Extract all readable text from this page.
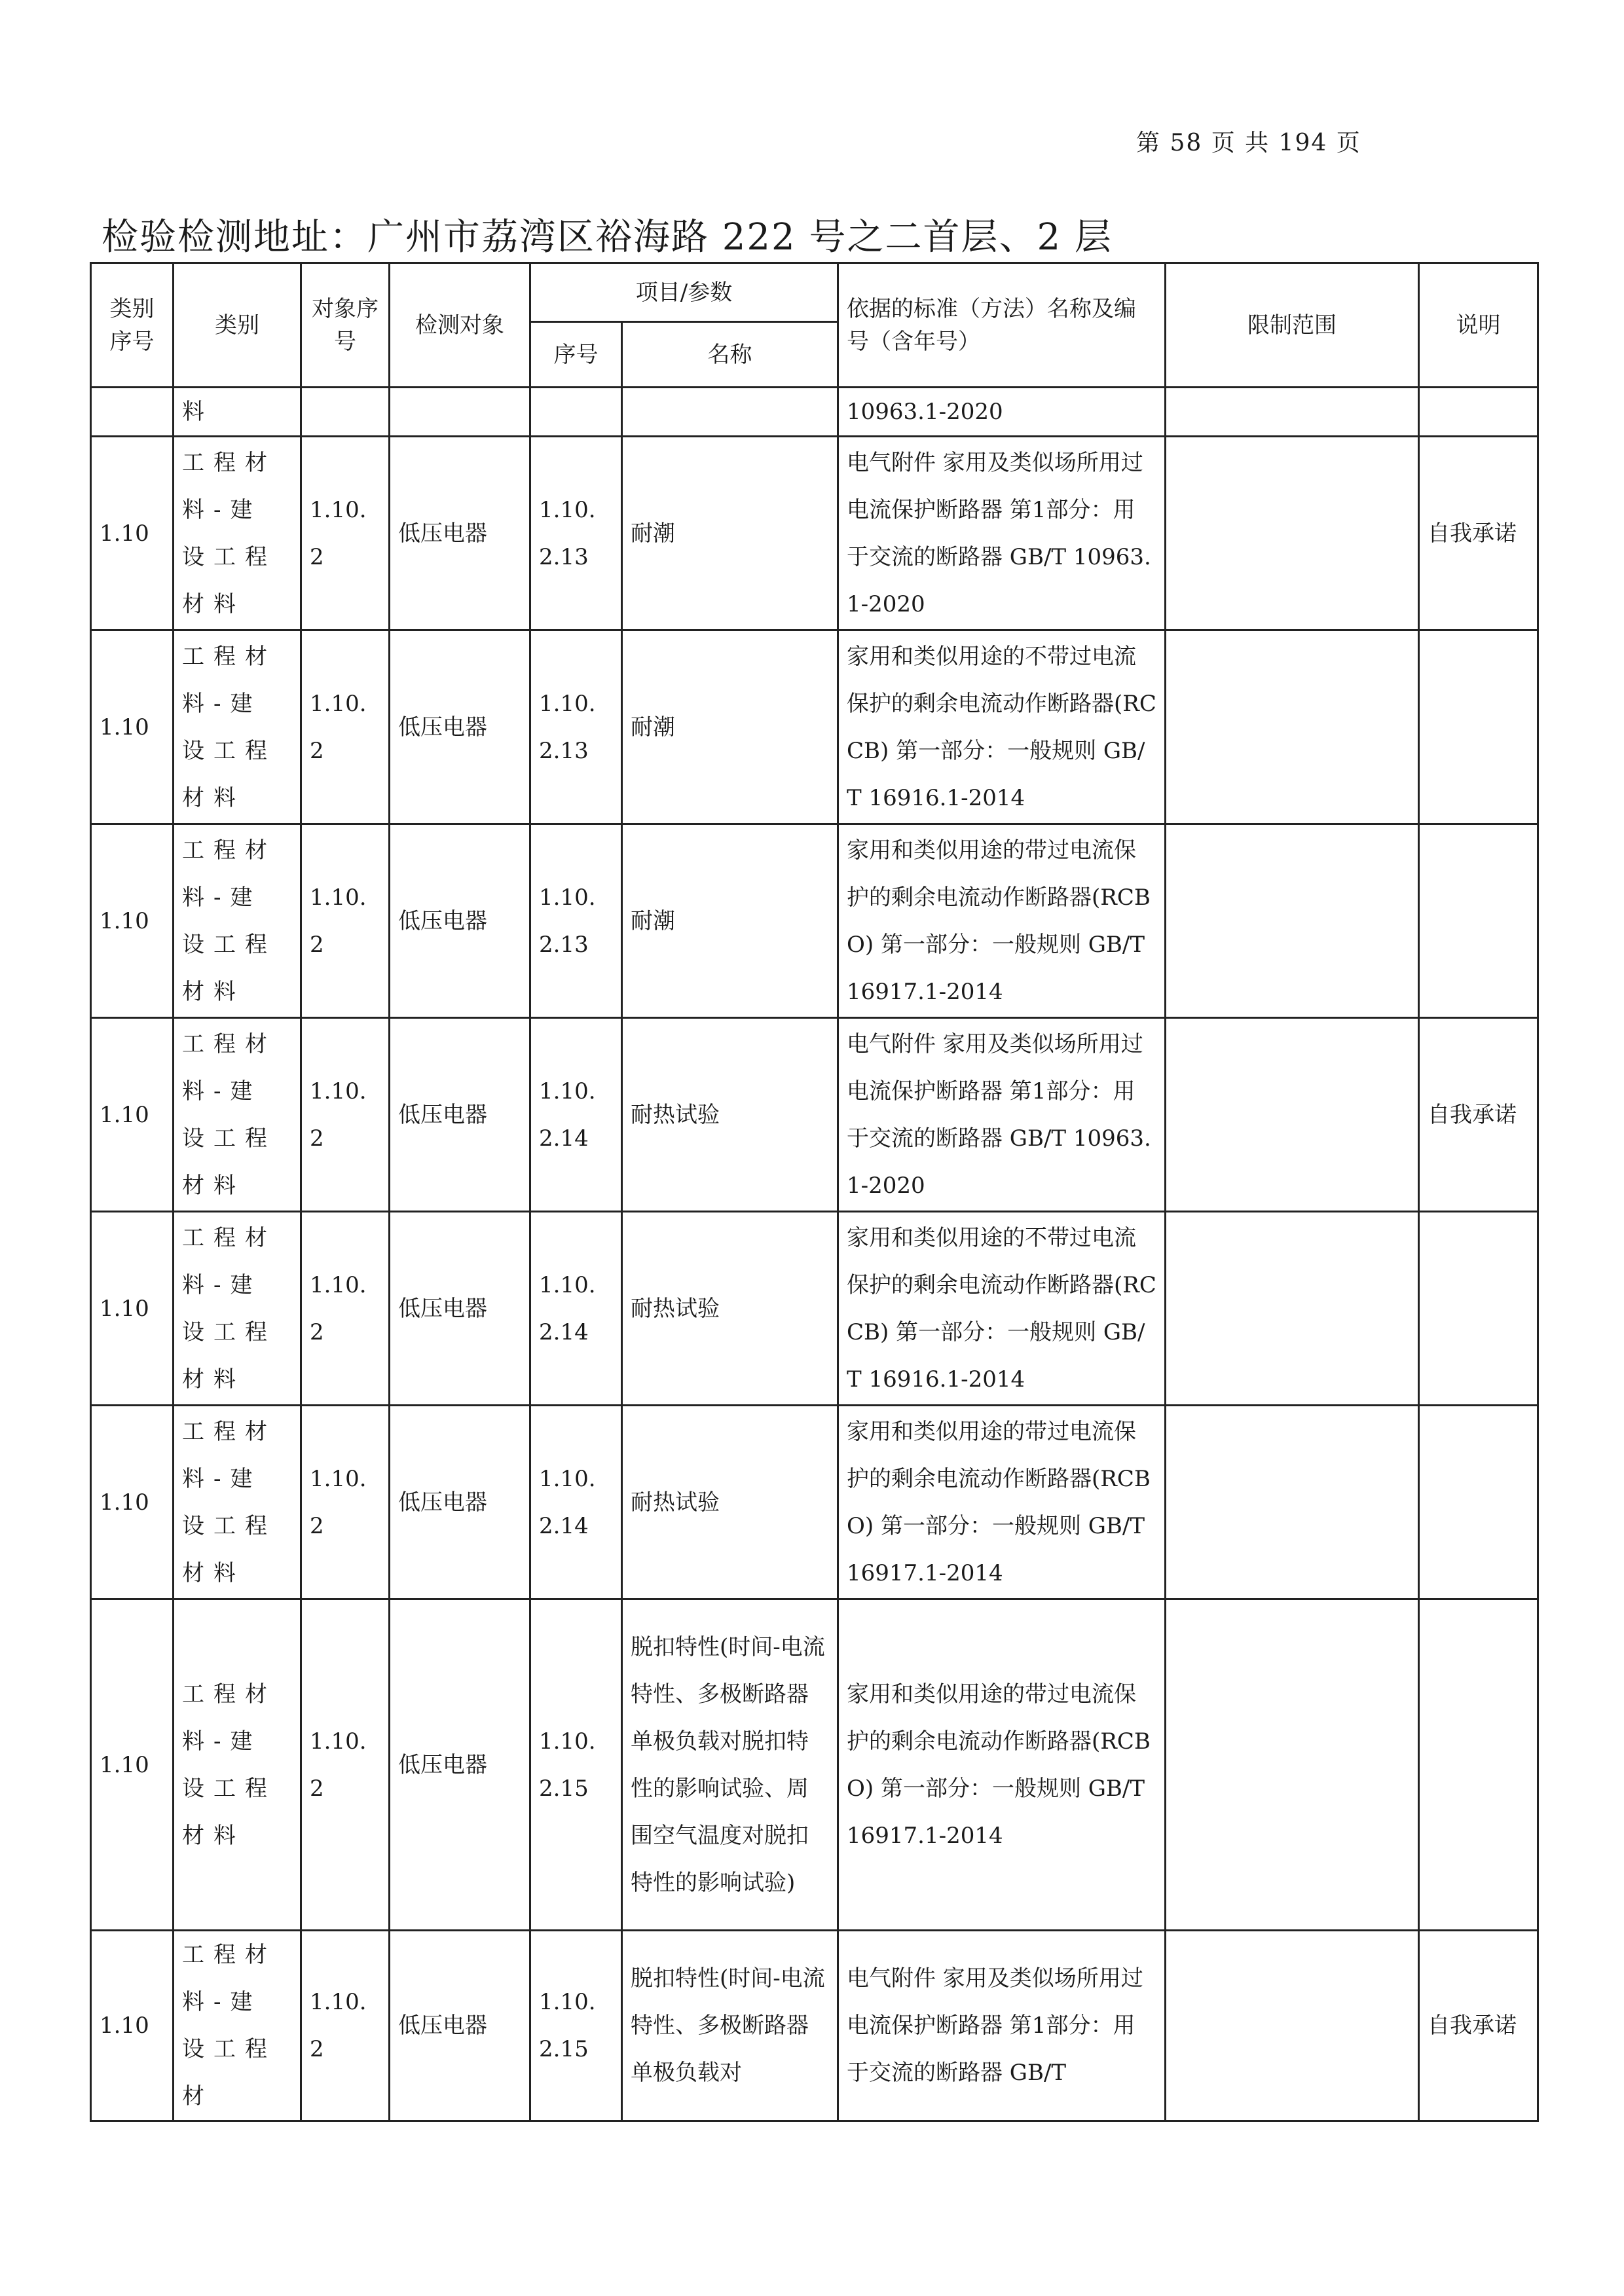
第 58 页 共 194 页
检验检测地址：广州市荔湾区裕海路 222 号之二首层、2 层
类别序号	类别	对象序号	检测对象	项目/参数		依据的标准（方法）名称及编号（含年号）	限制范围	说明
				序号	名称			
	料					10963.1-2020		
1.10	工程材料-建设工程材料	1.10.2	低压电器	1.10.2.13	耐潮	电气附件 家用及类似场所用过电流保护断路器 第1部分：用于交流的断路器 GB/T 10963.1-2020		自我承诺
1.10	工程材料-建设工程材料	1.10.2	低压电器	1.10.2.13	耐潮	家用和类似用途的不带过电流保护的剩余电流动作断路器(RCCB) 第一部分：一般规则 GB/T 16916.1-2014		
1.10	工程材料-建设工程材料	1.10.2	低压电器	1.10.2.13	耐潮	家用和类似用途的带过电流保护的剩余电流动作断路器(RCBO) 第一部分：一般规则 GB/T 16917.1-2014		
1.10	工程材料-建设工程材料	1.10.2	低压电器	1.10.2.14	耐热试验	电气附件 家用及类似场所用过电流保护断路器 第1部分：用于交流的断路器 GB/T 10963.1-2020		自我承诺
1.10	工程材料-建设工程材料	1.10.2	低压电器	1.10.2.14	耐热试验	家用和类似用途的不带过电流保护的剩余电流动作断路器(RCCB) 第一部分：一般规则 GB/T 16916.1-2014		
1.10	工程材料-建设工程材料	1.10.2	低压电器	1.10.2.14	耐热试验	家用和类似用途的带过电流保护的剩余电流动作断路器(RCBO) 第一部分：一般规则 GB/T 16917.1-2014		
1.10	工程材料-建设工程材料	1.10.2	低压电器	1.10.2.15	脱扣特性(时间-电流特性、多极断路器单极负载对脱扣特性的影响试验、周围空气温度对脱扣特性的影响试验)	家用和类似用途的带过电流保护的剩余电流动作断路器(RCBO) 第一部分：一般规则 GB/T 16917.1-2014		
1.10	工程材料-建设工程材	1.10.2	低压电器	1.10.2.15	脱扣特性(时间-电流特性、多极断路器单极负载对	电气附件 家用及类似场所用过电流保护断路器 第1部分：用于交流的断路器 GB/T		自我承诺
